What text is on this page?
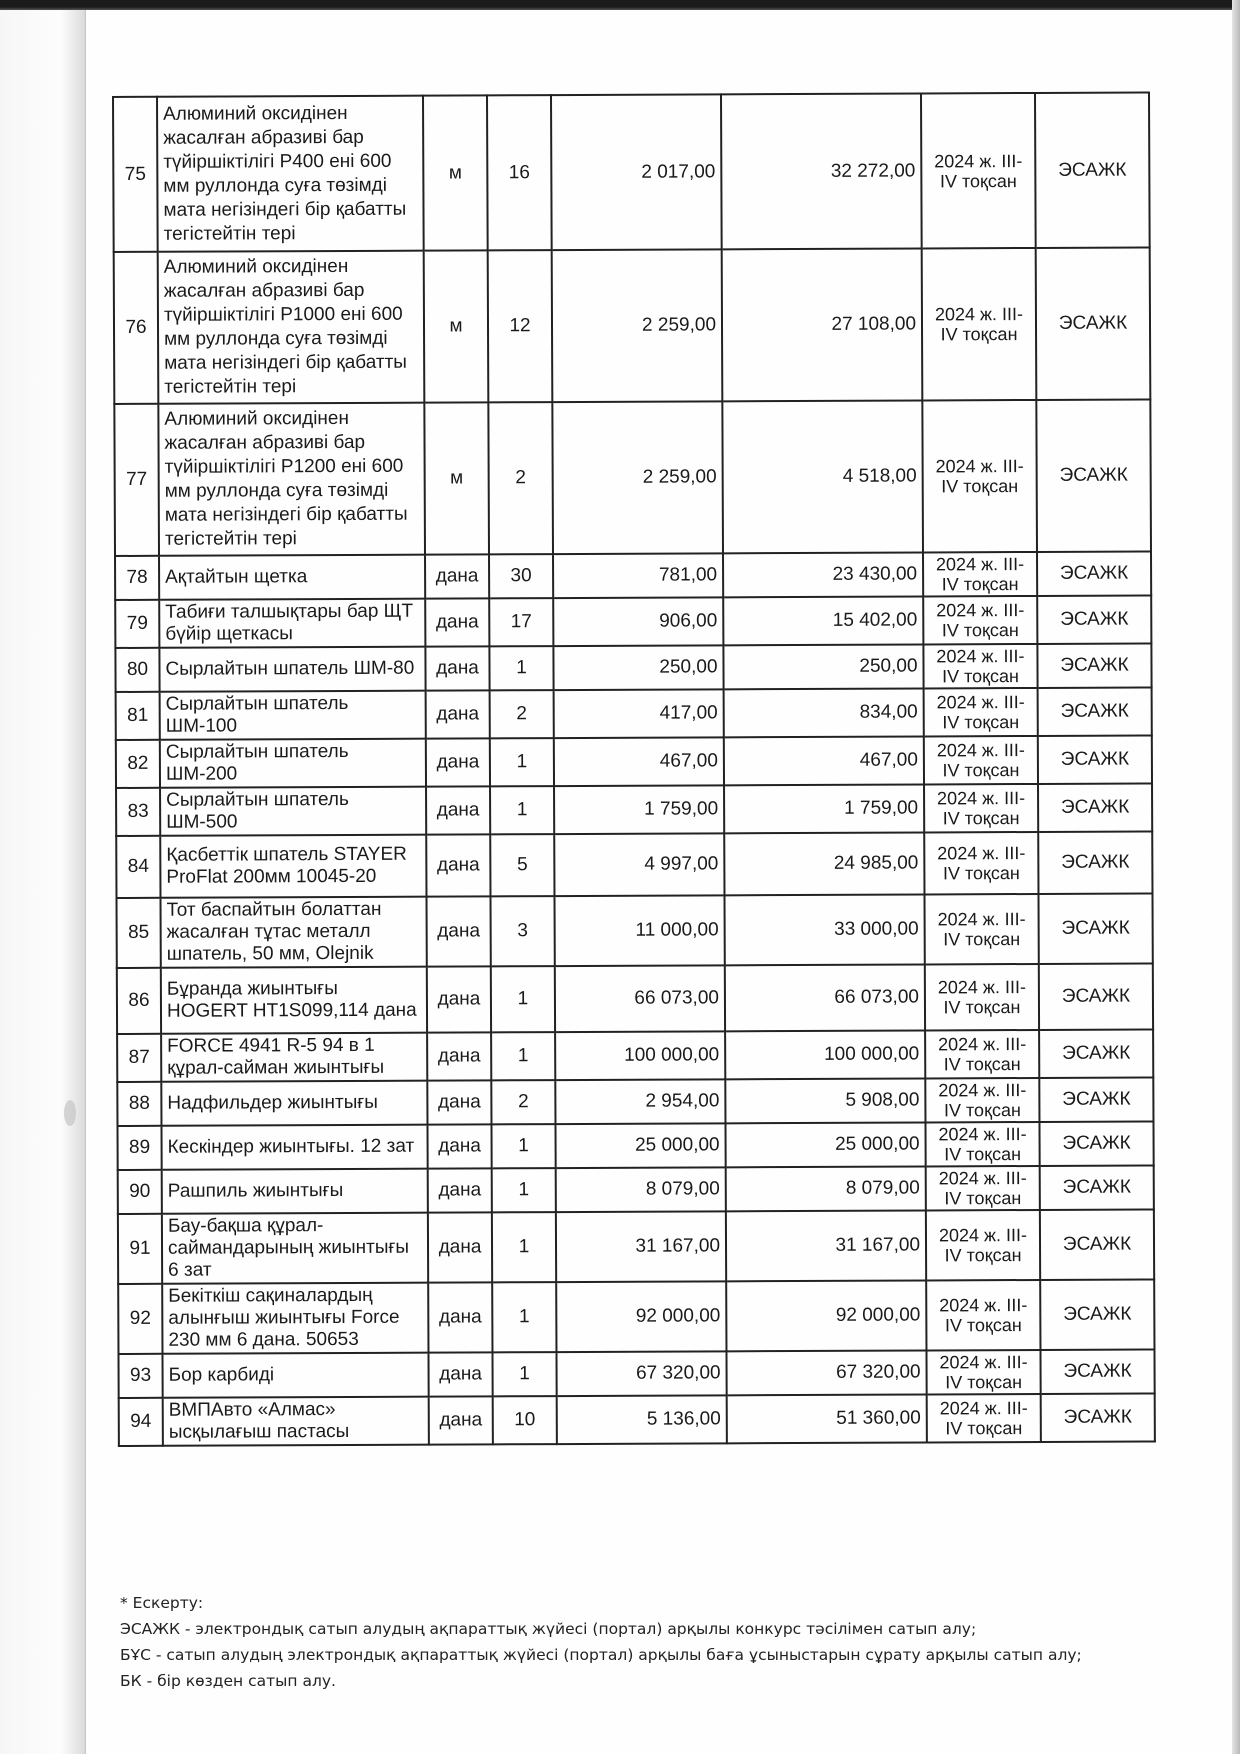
75	Алюминий оксидінен жасалған абразиві бар түйіршіктілігі Р400 ені 600 мм руллонда суға төзімді мата негізіндегі бір қабатты тегістейтін тері	м	16	2 017,00	32 272,00	2024 ж. III-IV тоқсан	ЭСАЖК
76	Алюминий оксидінен жасалған абразиві бар түйіршіктілігі Р1000 ені 600 мм руллонда суға төзімді мата негізіндегі бір қабатты тегістейтін тері	м	12	2 259,00	27 108,00	2024 ж. III-IV тоқсан	ЭСАЖК
77	Алюминий оксидінен жасалған абразиві бар түйіршіктілігі Р1200 ені 600 мм руллонда суға төзімді мата негізіндегі бір қабатты тегістейтін тері	м	2	2 259,00	4 518,00	2024 ж. III-IV тоқсан	ЭСАЖК
78	Ақтайтын щетка	дана	30	781,00	23 430,00	2024 ж. III-IV тоқсан	ЭСАЖК
79	Табиғи талшықтары бар ЩТ бүйір щеткасы	дана	17	906,00	15 402,00	2024 ж. III-IV тоқсан	ЭСАЖК
80	Сырлайтын шпатель ШМ-80	дана	1	250,00	250,00	2024 ж. III-IV тоқсан	ЭСАЖК
81	Сырлайтын шпатель ШМ-100	дана	2	417,00	834,00	2024 ж. III-IV тоқсан	ЭСАЖК
82	Сырлайтын шпатель ШМ-200	дана	1	467,00	467,00	2024 ж. III-IV тоқсан	ЭСАЖК
83	Сырлайтын шпатель ШМ-500	дана	1	1 759,00	1 759,00	2024 ж. III-IV тоқсан	ЭСАЖК
84	Қасбеттік шпатель STAYER ProFlat 200мм 10045-20	дана	5	4 997,00	24 985,00	2024 ж. III-IV тоқсан	ЭСАЖК
85	Тот баспайтын болаттан жасалған тұтас металл шпатель, 50 мм, Olejnik	дана	3	11 000,00	33 000,00	2024 ж. III-IV тоқсан	ЭСАЖК
86	Бұранда жиынтығы HOGERT HT1S099,114 дана	дана	1	66 073,00	66 073,00	2024 ж. III-IV тоқсан	ЭСАЖК
87	FORCE 4941 R-5 94 в 1 құрал-сайман жиынтығы	дана	1	100 000,00	100 000,00	2024 ж. III-IV тоқсан	ЭСАЖК
88	Надфильдер жиынтығы	дана	2	2 954,00	5 908,00	2024 ж. III-IV тоқсан	ЭСАЖК
89	Кескіндер жиынтығы. 12 зат	дана	1	25 000,00	25 000,00	2024 ж. III-IV тоқсан	ЭСАЖК
90	Рашпиль жиынтығы	дана	1	8 079,00	8 079,00	2024 ж. III-IV тоқсан	ЭСАЖК
91	Бау-бақша құрал-саймандарының жиынтығы 6 зат	дана	1	31 167,00	31 167,00	2024 ж. III-IV тоқсан	ЭСАЖК
92	Бекіткіш сақиналардың алынғыш жиынтығы Force 230 мм 6 дана. 50653	дана	1	92 000,00	92 000,00	2024 ж. III-IV тоқсан	ЭСАЖК
93	Бор карбиді	дана	1	67 320,00	67 320,00	2024 ж. III-IV тоқсан	ЭСАЖК
94	ВМПАвто «Алмас» ысқылағыш пастасы	дана	10	5 136,00	51 360,00	2024 ж. III-IV тоқсан	ЭСАЖК
* Ескерту:
ЭСАЖК - электрондық сатып алудың ақпараттық жүйесі (портал) арқылы конкурс тәсілімен сатып алу;
БҰС - сатып алудың электрондық ақпараттық жүйесі (портал) арқылы баға ұсыныстарын сұрату арқылы сатып алу;
БК - бір көзден сатып алу.
